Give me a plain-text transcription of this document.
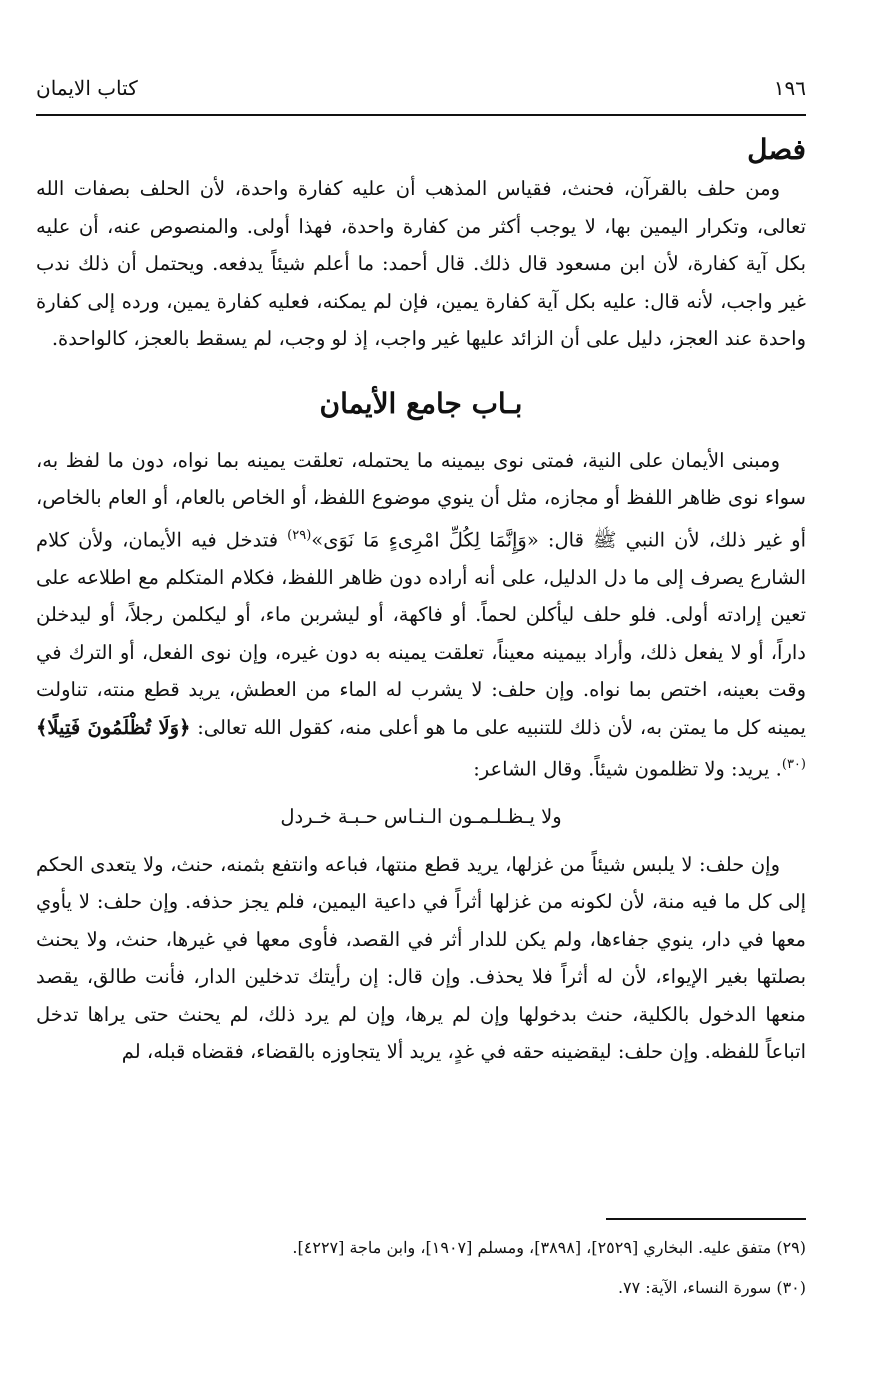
١٩٦
كتاب الايمان
فصل

ومن حلف بالقرآن، فحنث، فقياس المذهب أن عليه كفارة واحدة، لأن الحلف بصفات الله تعالى، وتكرار اليمين بها، لا يوجب أكثر من كفارة واحدة، فهذا أولى. والمنصوص عنه، أن عليه بكل آية كفارة، لأن ابن مسعود قال ذلك. قال أحمد: ما أعلم شيئاً يدفعه. ويحتمل أن ذلك ندب غير واجب، لأنه قال: عليه بكل آية كفارة يمين، فإن لم يمكنه، فعليه كفارة يمين، ورده إلى كفارة واحدة عند العجز، دليل على أن الزائد عليها غير واجب، إذ لو وجب، لم يسقط بالعجز، كالواحدة.

بـاب جامع الأيمان

ومبنى الأيمان على النية، فمتى نوى بيمينه ما يحتمله، تعلقت يمينه بما نواه، دون ما لفظ به، سواء نوى ظاهر اللفظ أو مجازه، مثل أن ينوي موضوع اللفظ، أو الخاص بالعام، أو العام بالخاص، أو غير ذلك، لأن النبي ﷺ قال: «وَإِنَّمَا لِكُلِّ امْرِىءٍ مَا نَوَى»$^{(٢٩)}$ فتدخل فيه الأيمان، ولأن كلام الشارع يصرف إلى ما دل الدليل، على أنه أراده دون ظاهر اللفظ، فكلام المتكلم مع اطلاعه على تعين إرادته أولى. فلو حلف ليأكلن لحماً. أو فاكهة، أو ليشربن ماء، أو ليكلمن رجلاً، أو ليدخلن داراً، أو لا يفعل ذلك، وأراد بيمينه معيناً، تعلقت يمينه به دون غيره، وإن نوى الفعل، أو الترك في وقت بعينه، اختص بما نواه. وإن حلف: لا يشرب له الماء من العطش، يريد قطع منته، تناولت يمينه كل ما يمتن به، لأن ذلك للتنبيه على ما هو أعلى منه، كقول الله تعالى: ﴿وَلَا تُظْلَمُونَ فَتِيلًا﴾$^{(٣٠)}$. يريد: ولا تظلمون شيئاً. وقال الشاعر:

ولا يـظـلـمـون الـنـاس حـبـة خـردل

وإن حلف: لا يلبس شيئاً من غزلها، يريد قطع منتها، فباعه وانتفع بثمنه، حنث، ولا يتعدى الحكم إلى كل ما فيه منة، لأن لكونه من غزلها أثراً في داعية اليمين، فلم يجز حذفه. وإن حلف: لا يأوي معها في دار، ينوي جفاءها، ولم يكن للدار أثر في القصد، فأوى معها في غيرها، حنث، ولا يحنث بصلتها بغير الإيواء، لأن له أثراً فلا يحذف. وإن قال: إن رأيتك تدخلين الدار، فأنت طالق، يقصد منعها الدخول بالكلية، حنث بدخولها وإن لم يرها، وإن لم يرد ذلك، لم يحنث حتى يراها تدخل اتباعاً للفظه. وإن حلف: ليقضينه حقه في غدٍ، يريد ألا يتجاوزه بالقضاء، فقضاه قبله، لم

(٢٩) متفق عليه. البخاري [٢٥٢٩]، [٣٨٩٨]، ومسلم [١٩٠٧]، وابن ماجة [٤٢٢٧].

(٣٠) سورة النساء، الآية: ٧٧.
